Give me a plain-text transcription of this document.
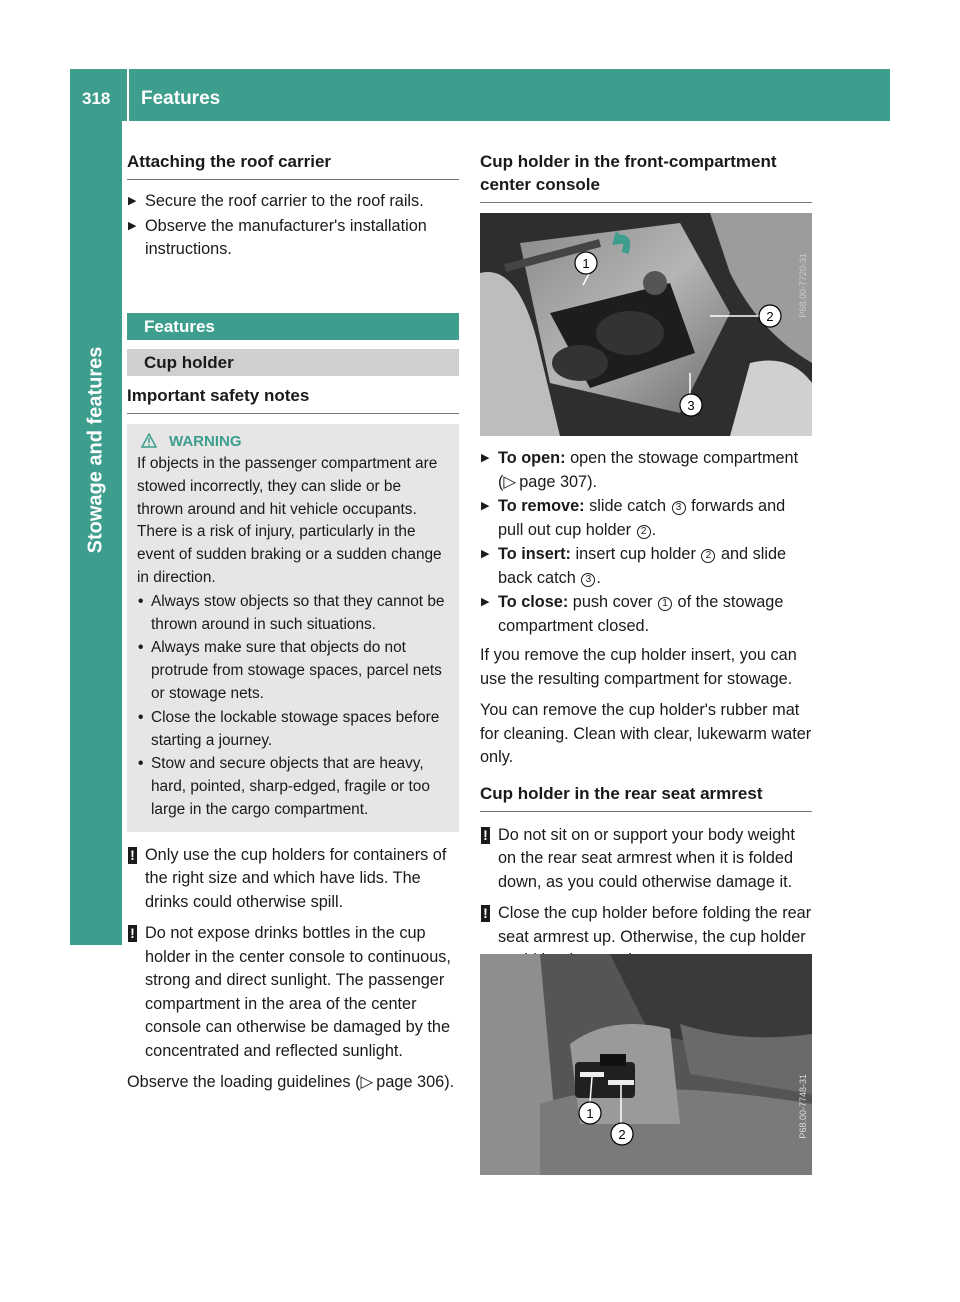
318 Features
Stowage and features
Attaching the roof carrier
▶ Secure the roof carrier to the roof rails.
▶ Observe the manufacturer's installation instructions.
Features
Cup holder
Important safety notes
WARNING

If objects in the passenger compartment are stowed incorrectly, they can slide or be thrown around and hit vehicle occupants. There is a risk of injury, particularly in the event of sudden braking or a sudden change in direction.

• Always stow objects so that they cannot be thrown around in such situations.
• Always make sure that objects do not protrude from stowage spaces, parcel nets or stowage nets.
• Close the lockable stowage spaces before starting a journey.
• Stow and secure objects that are heavy, hard, pointed, sharp-edged, fragile or too large in the cargo compartment.
! Only use the cup holders for containers of the right size and which have lids. The drinks could otherwise spill.
! Do not expose drinks bottles in the cup holder in the center console to continuous, strong and direct sunlight. The passenger compartment in the area of the center console can otherwise be damaged by the concentrated and reflected sunlight.
Observe the loading guidelines (▷ page 306).
Cup holder in the front-compartment center console
1
2
3
P68.00-7720-31
▶ To open: open the stowage compartment (▷ page 307).
▶ To remove: slide catch 3 forwards and pull out cup holder 2 .
▶ To insert: insert cup holder 2 and slide back catch 3 .
▶ To close: push cover 1 of the stowage compartment closed.
If you remove the cup holder insert, you can use the resulting compartment for stowage.
You can remove the cup holder's rubber mat for cleaning. Clean with clear, lukewarm water only.
Cup holder in the rear seat armrest
! Do not sit on or support your body weight on the rear seat armrest when it is folded down, as you could otherwise damage it.
! Close the cup holder before folding the rear seat armrest up. Otherwise, the cup holder
1
2	P68.00-7748-31
